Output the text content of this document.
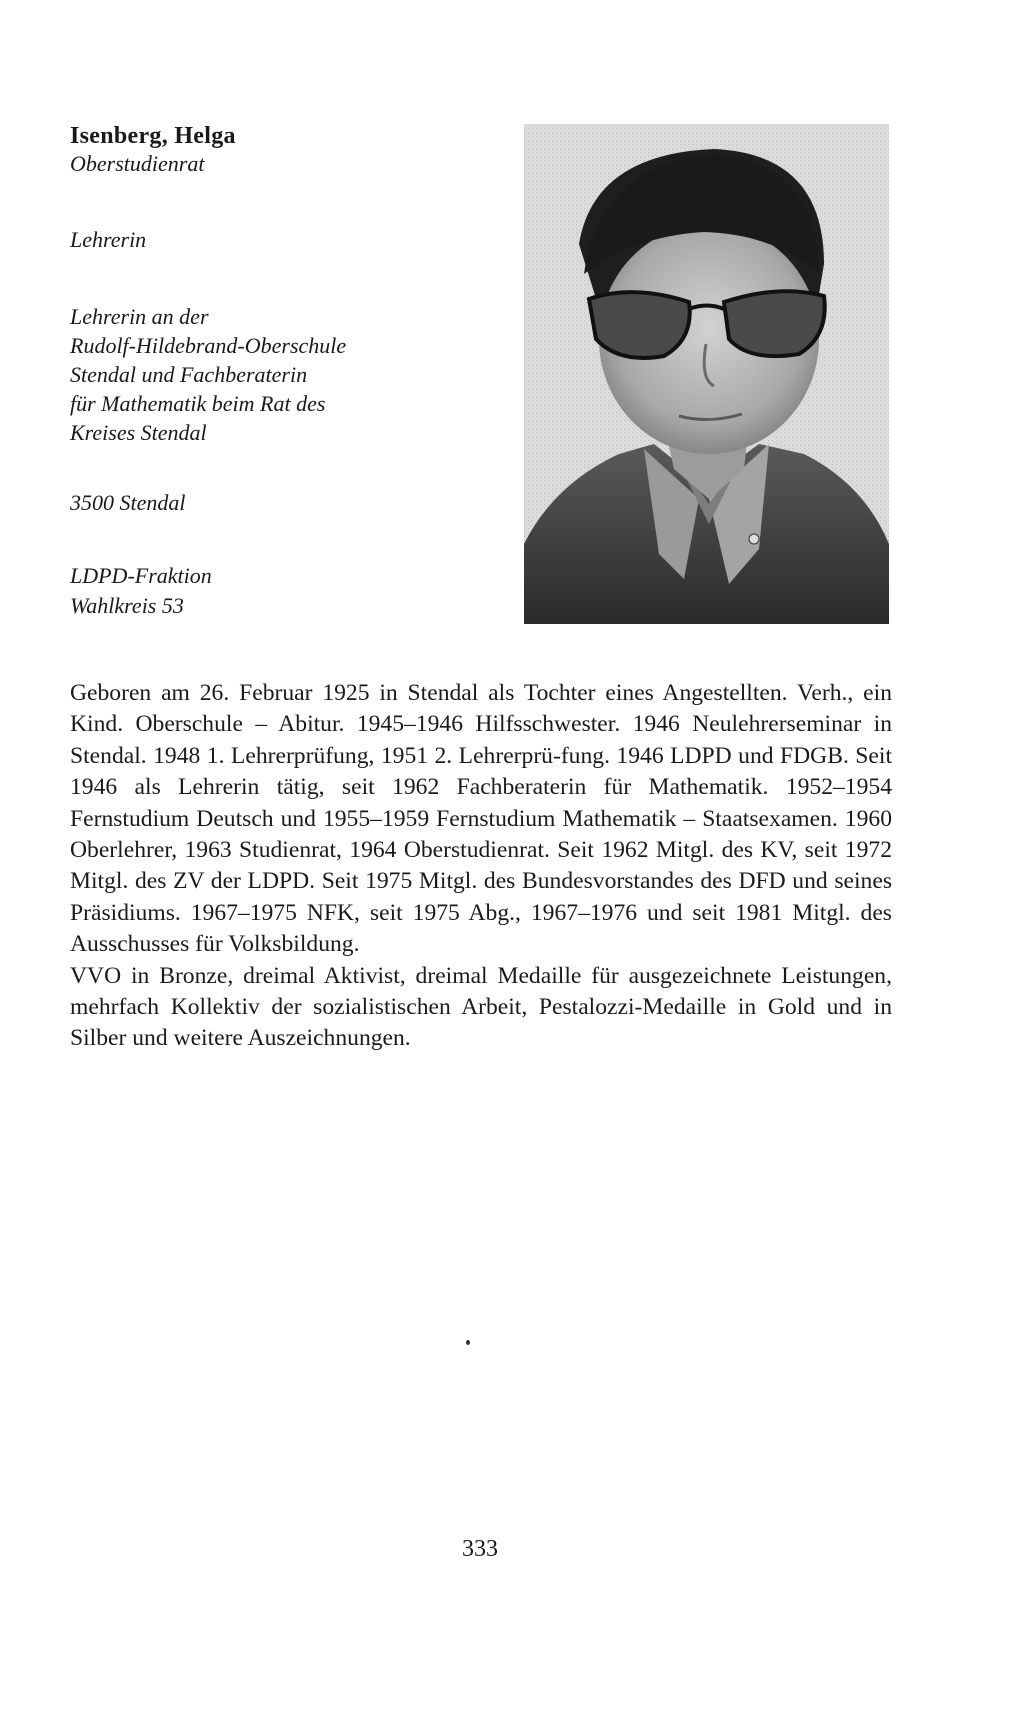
Isenberg, Helga

Oberstudienrat

Lehrerin

Lehrerin an der
Rudolf-Hildebrand-Oberschule
Stendal und Fachberaterin
für Mathematik beim Rat des
Kreises Stendal

3500 Stendal

LDPD-Fraktion
Wahlkreis 53

Geboren am 26. Februar 1925 in Stendal als Tochter eines Angestellten. Verh., ein Kind. Oberschule – Abitur. 1945–1946 Hilfsschwester. 1946 Neulehrerseminar in Stendal. 1948 1. Lehrerprüfung, 1951 2. Lehrerprü-fung. 1946 LDPD und FDGB. Seit 1946 als Lehrerin tätig, seit 1962 Fachberaterin für Mathematik. 1952–1954 Fernstudium Deutsch und 1955–1959 Fernstudium Mathematik – Staatsexamen. 1960 Oberlehrer, 1963 Studienrat, 1964 Oberstudienrat. Seit 1962 Mitgl. des KV, seit 1972 Mitgl. des ZV der LDPD. Seit 1975 Mitgl. des Bundesvorstandes des DFD und seines Präsidiums. 1967–1975 NFK, seit 1975 Abg., 1967–1976 und seit 1981 Mitgl. des Ausschusses für Volksbildung.

VVO in Bronze, dreimal Aktivist, dreimal Medaille für ausgezeichnete Leistungen, mehrfach Kollektiv der sozialistischen Arbeit, Pestalozzi-Medaille in Gold und in Silber und weitere Auszeichnungen.

333
